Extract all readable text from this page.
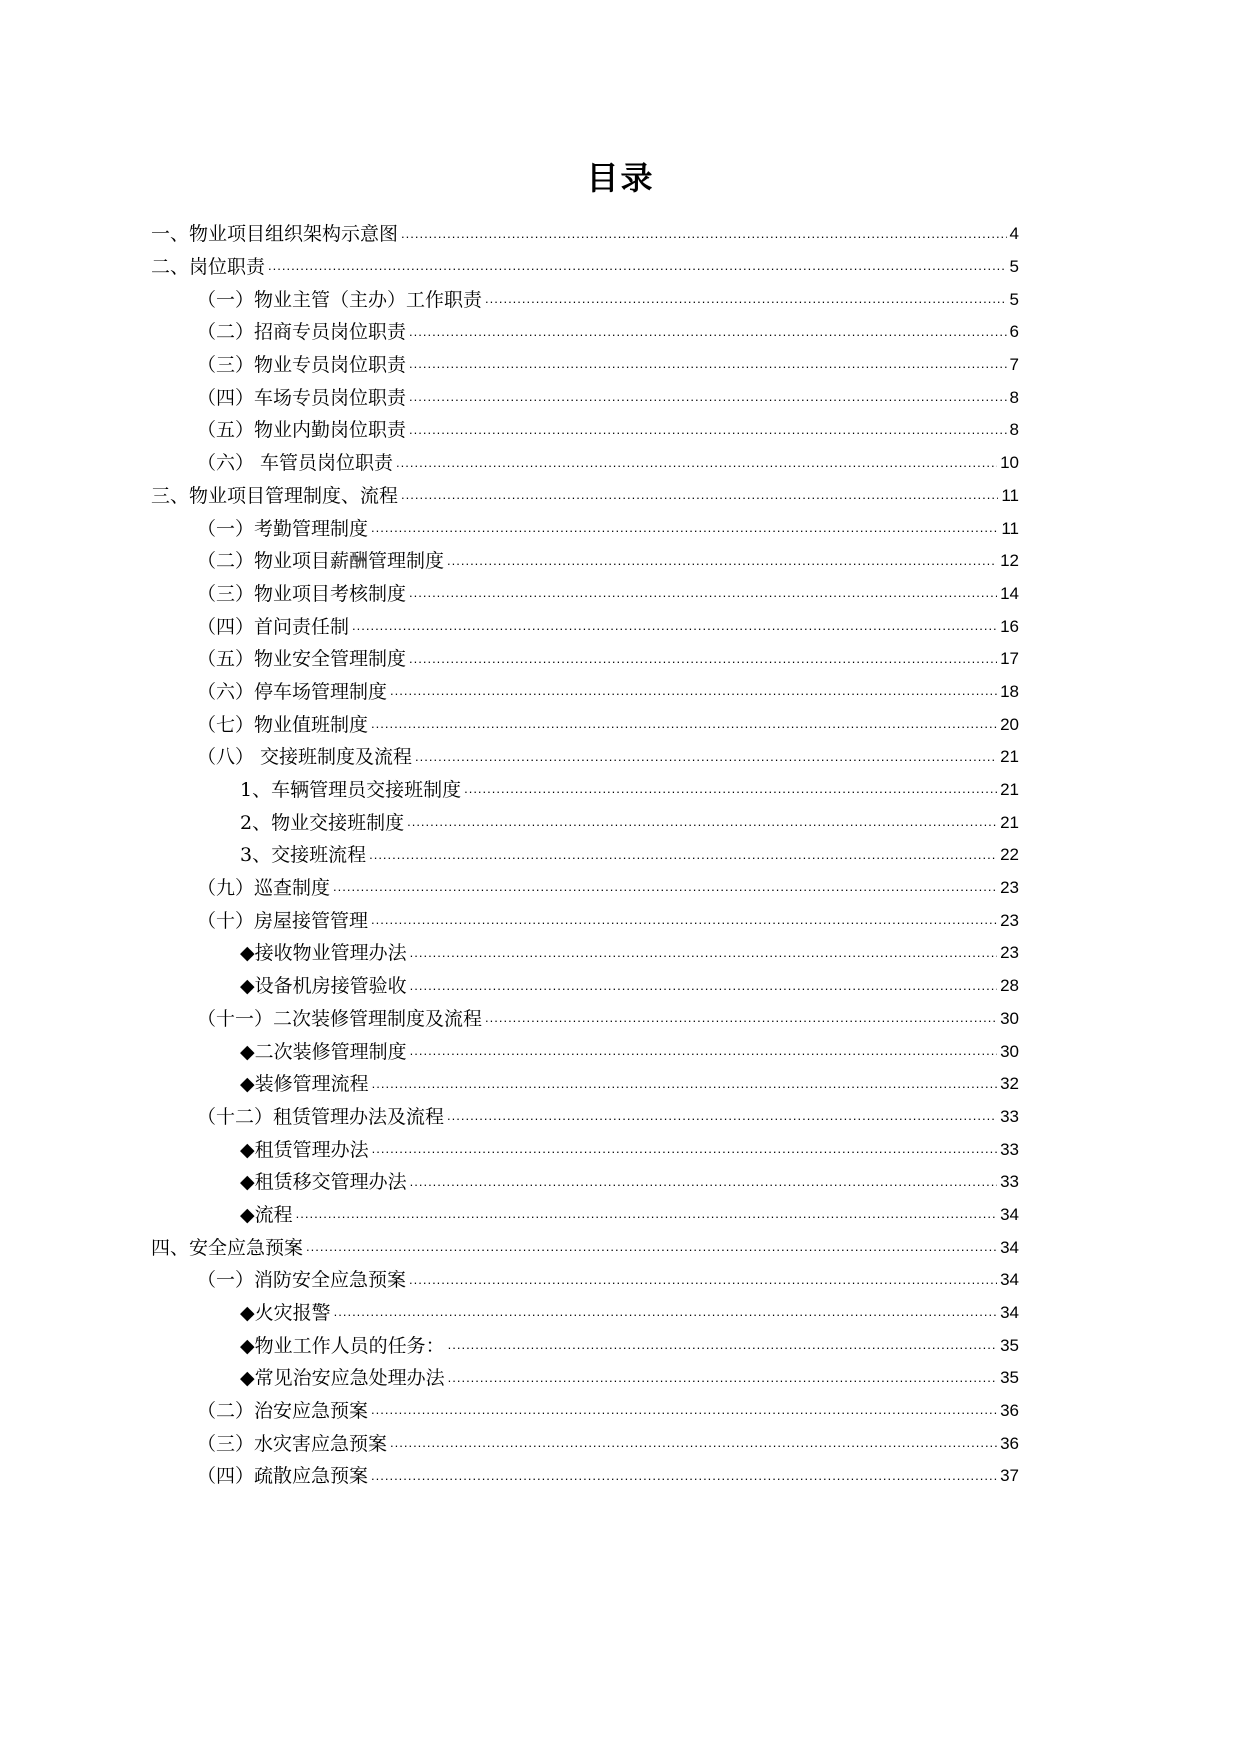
目录
一、物业项目组织架构示意图 .....	4
二、岗位职责 .....	5
（一）物业主管（主办）工作职责 .....	5
（二）招商专员岗位职责 .....	6
（三）物业专员岗位职责 .....	7
（四）车场专员岗位职责 .....	8
（五）物业内勤岗位职责 .....	8
（六） 车管员岗位职责 .....	10
三、物业项目管理制度、流程 .....	11
（一）考勤管理制度 .....	11
（二）物业项目薪酬管理制度 .....	12
（三）物业项目考核制度 .....	14
（四）首问责任制 .....	16
（五）物业安全管理制度 .....	17
（六）停车场管理制度 .....	18
（七）物业值班制度 .....	20
（八） 交接班制度及流程 .....	21
1、车辆管理员交接班制度 .....	21
2、物业交接班制度 .....	21
3、交接班流程 .....	22
（九）巡查制度 .....	23
（十）房屋接管管理 .....	23
◆接收物业管理办法 .....	23
◆设备机房接管验收 .....	28
（十一）二次装修管理制度及流程 .....	30
◆二次装修管理制度 .....	30
◆装修管理流程 .....	32
（十二）租赁管理办法及流程 .....	33
◆租赁管理办法 .....	33
◆租赁移交管理办法 .....	33
◆流程 .....	34
四、安全应急预案 .....	34
（一）消防安全应急预案 .....	34
◆火灾报警 .....	34
◆物业工作人员的任务： .....	35
◆常见治安应急处理办法 .....	35
（二）治安应急预案 .....	36
（三）水灾害应急预案 .....	36
（四）疏散应急预案 .....	37
